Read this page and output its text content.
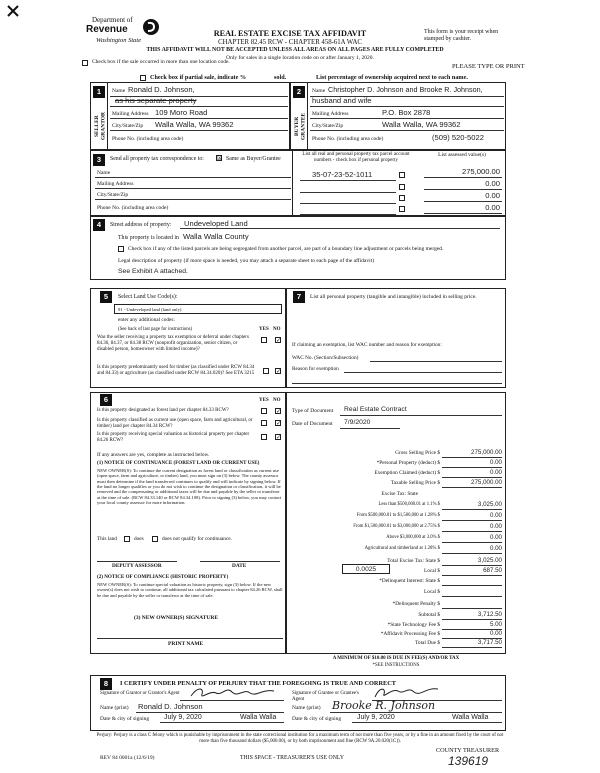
Department of
Revenue
Washington State
REAL ESTATE EXCISE TAX AFFIDAVIT
CHAPTER 82.45 RCW - CHAPTER 458-61A WAC
THIS AFFIDAVIT WILL NOT BE ACCEPTED UNLESS ALL AREAS ON ALL PAGES ARE FULLY COMPLETED
Only for sales in a single location code on or after January 1, 2020.
This form is your receipt when stamped by cashier.
Check box if the sale occurred in more than one location code.
PLEASE TYPE OR PRINT
Check box if partial sale, indicate %	sold.	List percentage of ownership acquired next to each name.
1	2
SELLER GRANTOR	BUYER GRANTEE
Name Ronald D. Johnson,
as his separate property
Mailing Address 109 Moro Road
City/State/Zip Walla Walla, WA 99362
Phone No. (including area code)
Name Christopher D. Johnson and Brooke R. Johnson,
husband and wife
Mailing Address	P.O. Box 2878
City/State/Zip	Walla Walla, WA 99362
Phone No. (including area code)	(509) 520-5022
3	Send all property tax correspondence to: ☒ Same as Buyer/Grantee
Name
Mailing Address
City/State/Zip
Phone No. (including area code)
List all real and personal property tax parcel account numbers - check box if personal property
List assessed value(s)
35-07-23-52-1011	275,000.00
0.00
0.00
0.00
4	Street address of property: Undeveloped Land
This property is located in Walla Walla County
Check box if any of the listed parcels are being segregated from another parcel, are part of a boundary line adjustment or parcels being merged.
Legal description of property (if more space is needed, you may attach a separate sheet to each page of the affidavit)
See Exhibit A attached.
5	Select Land Use Code(s):
91 - Undeveloped land (land only)
enter any additional codes:
(See back of last page for instructions)	YES NO
Was the seller receiving a property tax exemption or deferral under chapters 84.36, 84.37, or 84.38 RCW (nonprofit organization, senior citizen, or disabled person, homeowner with limited income)?
✓
Is this property predominantly used for timber (as classified under RCW 84.34 and 84.33) or agriculture (as classified under RCW 84.34.020)? See ETA 3215	✓
7	List all personal property (tangible and intangible) included in selling price.
If claiming an exemption, list WAC number and reason for exemption:
WAC No. (Section/Subsection)
Reason for exemption
6	YES NO
Is this property designated as forest land per chapter 84.33 RCW?	✓
Is this property classified as current use (open space, farm and agricultural, or timber) land per chapter 84.34 RCW?	✓
Is this property receiving special valuation as historical property per chapter 84.26 RCW?	✓
If any answers are yes, complete as instructed below.
(1) NOTICE OF CONTINUANCE (FOREST LAND OR CURRENT USE)
NEW OWNER(S): To continue the current designation as forest land or classification as current use (open space, farm and agriculture, or timber) land, you must sign on (3) below. The county assessor must then determine if the land transferred continues to qualify and will indicate by signing below. If the land no longer qualifies or you do not wish to continue the designation or classification, it will be removed and the compensating or additional taxes will be due and payable by the seller or transferor at the time of sale. (RCW 84.33.140 or RCW 84.34.108). Prior to signing (3) below, you may contact your local county assessor for more information.
This land	does	does not qualify for continuance.
DEPUTY ASSESSOR	DATE
(2) NOTICE OF COMPLIANCE (HISTORIC PROPERTY)
NEW OWNER(S): To continue special valuation as historic property, sign (3) below. If the new owner(s) does not wish to continue, all additional tax calculated pursuant to chapter 84.26 RCW, shall be due and payable by the seller or transferor at the time of sale.
(3) NEW OWNER(S) SIGNATURE
PRINT NAME
Type of Document Real Estate Contract
Date of Document 7/9/2020
Gross Selling Price $	275,000.00
*Personal Property (deduct) $	0.00
Exemption Claimed (deduct) $	0.00
Taxable Selling Price $	275,000.00
Excise Tax: State
Less than $500,000.01 at 1.1% $	3,025.00
From $500,000.01 to $1,500,000 at 1.28% $	0.00
From $1,500,000.01 to $3,000,000 at 2.75% $	0.00
Above $3,000,000 at 3.0% $	0.00
Agricultural and timberland at 1.28% $	0.00
Total Excise Tax: State $	3,025.00
0.0025	Local $	687.50
*Delinquent Interest: State $
Local $
*Delinquent Penalty $
Subtotal $	3,712.50
*State Technology Fee $	5.00
*Affidavit Processing Fee $	0.00
Total Due $	3,717.50
A MINIMUM OF $10.00 IS DUE IN FEE(S) AND/OR TAX
*SEE INSTRUCTIONS
8	I CERTIFY UNDER PENALTY OF PERJURY THAT THE FOREGOING IS TRUE AND CORRECT
Signature of Grantor or Grantor's Agent	Signature of Grantee or Grantee's Agent
Name (print) Ronald D. Johnson	Name (print) Brooke R. Johnson
Date & city of signing July 9, 2020	Walla Walla	Date & city of signing July 9, 2020	Walla Walla
Perjury: Perjury is a class C felony which is punishable by imprisonment in the state correctional institution for a maximum term of not more than five years, or by a fine in an amount fixed by the court of not more than five thousand dollars ($5,000.00), or by both imprisonment and fine (RCW 9A.20.020(1C)).
REV 84 0001a (12/6/19)	THIS SPACE - TREASURER'S USE ONLY
COUNTY TREASURER
139619
